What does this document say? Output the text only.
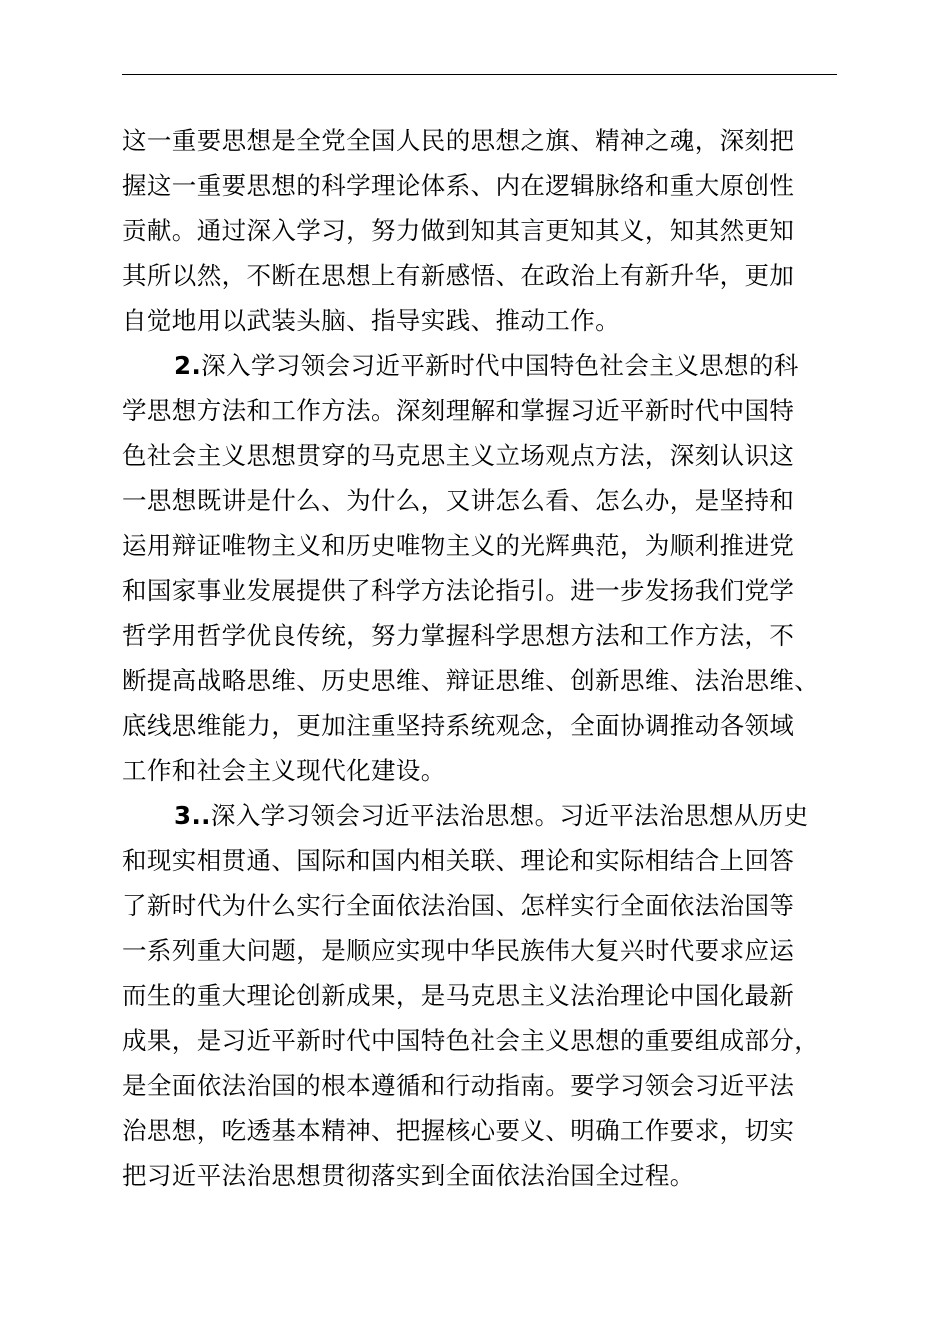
这一重要思想是全党全国人民的思想之旗、精神之魂，深刻把
握这一重要思想的科学理论体系、内在逻辑脉络和重大原创性
贡献。通过深入学习，努力做到知其言更知其义，知其然更知
其所以然，不断在思想上有新感悟、在政治上有新升华，更加
自觉地用以武装头脑、指导实践、推动工作。
2.深入学习领会习近平新时代中国特色社会主义思想的科
学思想方法和工作方法。深刻理解和掌握习近平新时代中国特
色社会主义思想贯穿的马克思主义立场观点方法，深刻认识这
一思想既讲是什么、为什么，又讲怎么看、怎么办，是坚持和
运用辩证唯物主义和历史唯物主义的光辉典范，为顺利推进党
和国家事业发展提供了科学方法论指引。进一步发扬我们党学
哲学用哲学优良传统，努力掌握科学思想方法和工作方法，不
断提高战略思维、历史思维、辩证思维、创新思维、法治思维、
底线思维能力，更加注重坚持系统观念，全面协调推动各领域
工作和社会主义现代化建设。
3..深入学习领会习近平法治思想。习近平法治思想从历史
和现实相贯通、国际和国内相关联、理论和实际相结合上回答
了新时代为什么实行全面依法治国、怎样实行全面依法治国等
一系列重大问题，是顺应实现中华民族伟大复兴时代要求应运
而生的重大理论创新成果，是马克思主义法治理论中国化最新
成果，是习近平新时代中国特色社会主义思想的重要组成部分，
是全面依法治国的根本遵循和行动指南。要学习领会习近平法
治思想，吃透基本精神、把握核心要义、明确工作要求，切实
把习近平法治思想贯彻落实到全面依法治国全过程。
